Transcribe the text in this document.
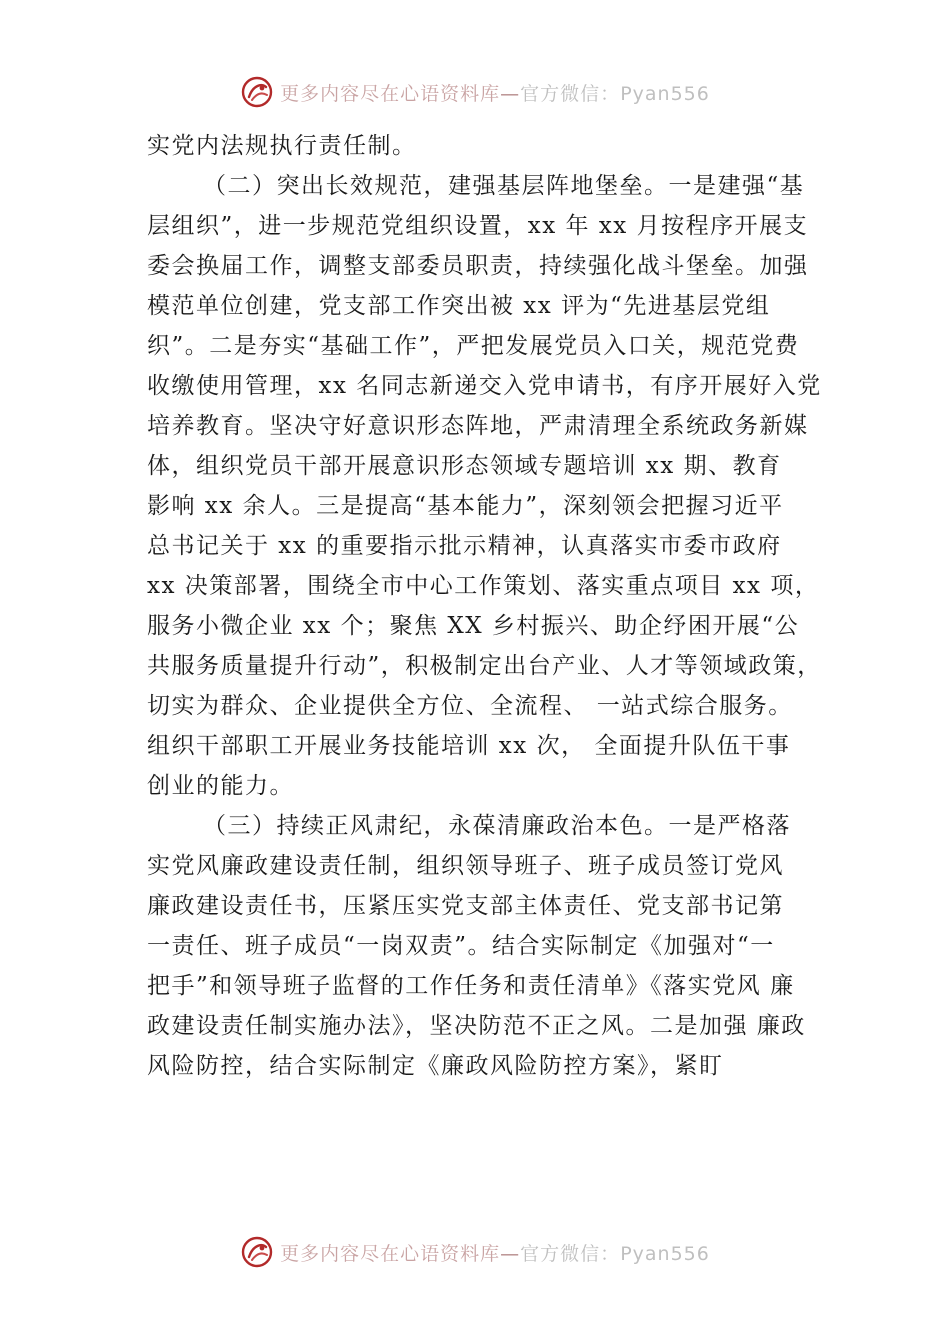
更多内容尽在心语资料库—官方微信：Pyan556
实党内法规执行责任制。
（二）突出长效规范，建强基层阵地堡垒。一是建强“基
层组织”，进一步规范党组织设置，xx 年 xx 月按程序开展支
委会换届工作，调整支部委员职责，持续强化战斗堡垒。加强
模范单位创建，党支部工作突出被 xx 评为“先进基层党组
织”。二是夯实“基础工作”，严把发展党员入口关，规范党费
收缴使用管理，xx 名同志新递交入党申请书，有序开展好入党
培养教育。坚决守好意识形态阵地，严肃清理全系统政务新媒
体，组织党员干部开展意识形态领域专题培训 xx 期、教育
影响 xx 余人。三是提高“基本能力”，深刻领会把握习近平
总书记关于 xx 的重要指示批示精神，认真落实市委市政府
xx 决策部署，围绕全市中心工作策划、落实重点项目 xx 项，
服务小微企业 xx 个；聚焦 XX 乡村振兴、助企纾困开展“公
共服务质量提升行动”，积极制定出台产业、人才等领域政策，
切实为群众、企业提供全方位、全流程、 一站式综合服务。
组织干部职工开展业务技能培训 xx 次， 全面提升队伍干事
创业的能力。
（三）持续正风肃纪，永葆清廉政治本色。一是严格落
实党风廉政建设责任制，组织领导班子、班子成员签订党风
廉政建设责任书，压紧压实党支部主体责任、党支部书记第
一责任、班子成员“一岗双责”。结合实际制定《加强对“一
把手”和领导班子监督的工作任务和责任清单》《落实党风 廉
政建设责任制实施办法》，坚决防范不正之风。二是加强 廉政
风险防控，结合实际制定《廉政风险防控方案》，紧盯
更多内容尽在心语资料库—官方微信：Pyan556
